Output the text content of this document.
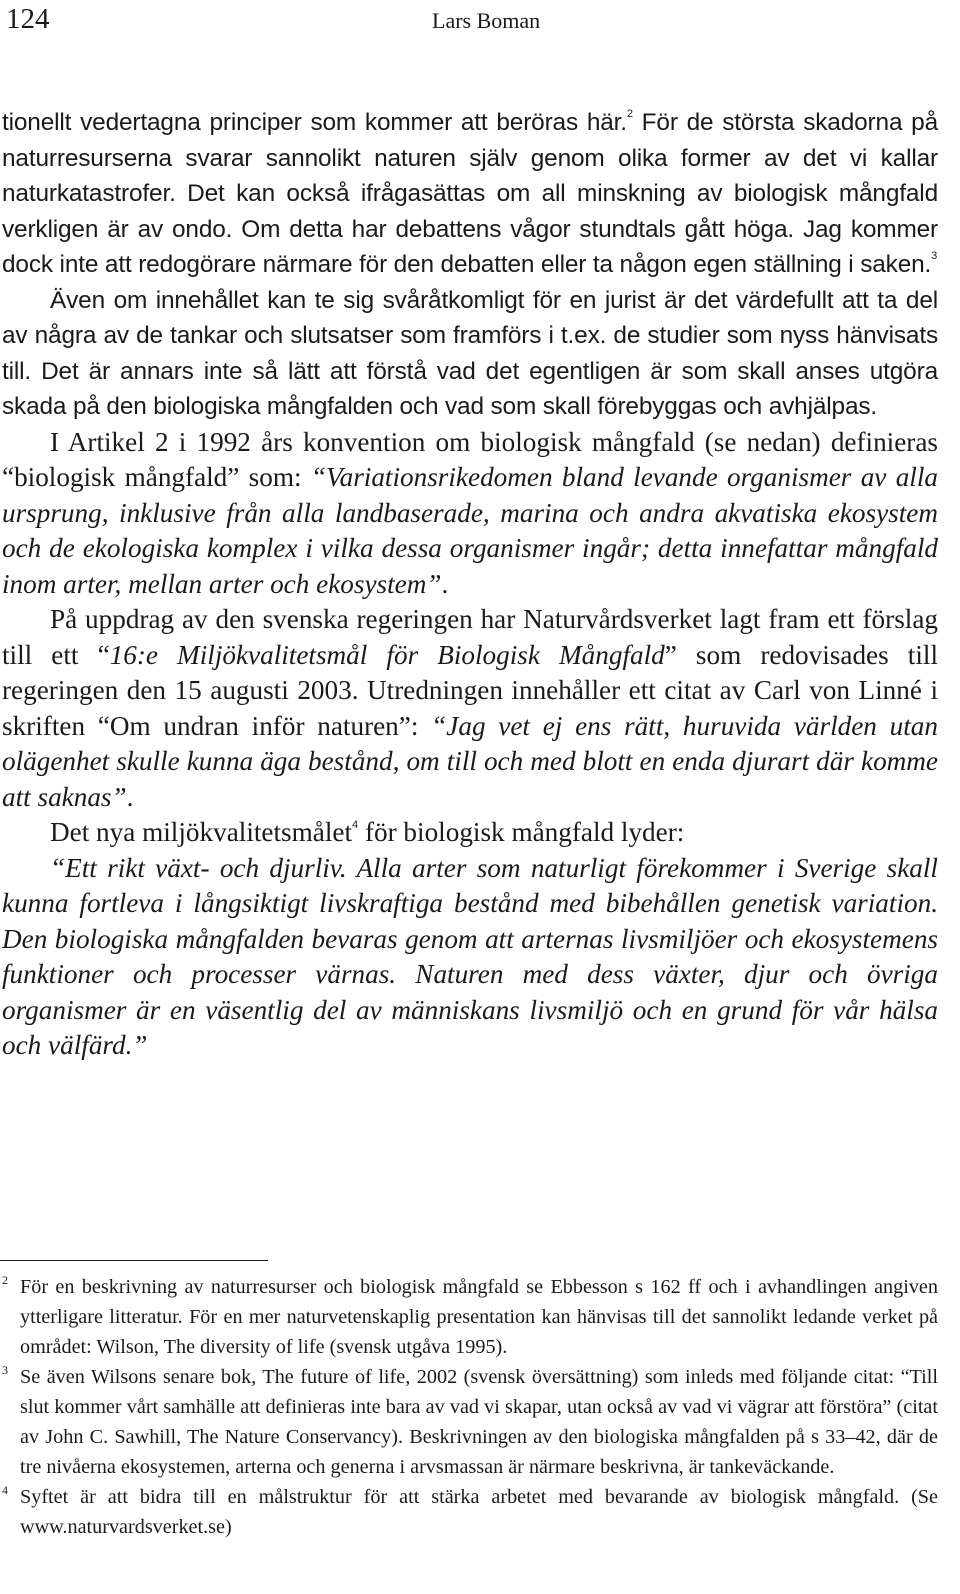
124	Lars Boman

tionellt vedertagna principer som kommer att beröras här.$^2$ För de största skadorna på naturresurserna svarar sannolikt naturen själv genom olika former av det vi kallar naturkatastrofer. Det kan också ifrågasättas om all minskning av biologisk mångfald verkligen är av ondo. Om detta har debattens vågor stundtals gått höga. Jag kommer dock inte att redogörare närmare för den debatten eller ta någon egen ställning i saken.$^3$

Även om innehållet kan te sig svåråtkomligt för en jurist är det värdefullt att ta del av några av de tankar och slutsatser som framförs i t.ex. de studier som nyss hänvisats till. Det är annars inte så lätt att förstå vad det egentligen är som skall anses utgöra skada på den biologiska mångfalden och vad som skall förebyggas och avhjälpas.

I Artikel 2 i 1992 års konvention om biologisk mångfald (se nedan) definieras “biologisk mångfald” som: “Variationsrikedomen bland levande organismer av alla ursprung, inklusive från alla landbaserade, marina och andra akvatiska ekosystem och de ekologiska komplex i vilka dessa organismer ingår; detta innefattar mångfald inom arter, mellan arter och ekosystem”.

På uppdrag av den svenska regeringen har Naturvårdsverket lagt fram ett förslag till ett “16:e Miljökvalitetsmål för Biologisk Mångfald” som redovisades till regeringen den 15 augusti 2003. Utredningen innehåller ett citat av Carl von Linné i skriften “Om undran inför naturen”: “Jag vet ej ens rätt, huruvida världen utan olägenhet skulle kunna äga bestånd, om till och med blott en enda djurart där komme att saknas”.

Det nya miljökvalitetsmålet$^4$ för biologisk mångfald lyder:

“Ett rikt växt- och djurliv. Alla arter som naturligt förekommer i Sverige skall kunna fortleva i långsiktigt livskraftiga bestånd med bibehållen genetisk variation. Den biologiska mångfalden bevaras genom att arternas livsmiljöer och ekosystemens funktioner och processer värnas. Naturen med dess växter, djur och övriga organismer är en väsentlig del av människans livsmiljö och en grund för vår hälsa och välfärd.”

2 För en beskrivning av naturresurser och biologisk mångfald se Ebbesson s 162 ff och i avhandlingen angiven ytterligare litteratur. För en mer naturvetenskaplig presentation kan hänvisas till det sannolikt ledande verket på området: Wilson, The diversity of life (svensk utgåva 1995).

3 Se även Wilsons senare bok, The future of life, 2002 (svensk översättning) som inleds med följande citat: “Till slut kommer vårt samhälle att definieras inte bara av vad vi skapar, utan också av vad vi vägrar att förstöra” (citat av John C. Sawhill, The Nature Conservancy). Beskrivningen av den biologiska mångfalden på s 33–42, där de tre nivåerna ekosystemen, arterna och generna i arvsmassan är närmare beskrivna, är tankeväckande.

4 Syftet är att bidra till en målstruktur för att stärka arbetet med bevarande av biologisk mångfald. (Se www.naturvardsverket.se)
